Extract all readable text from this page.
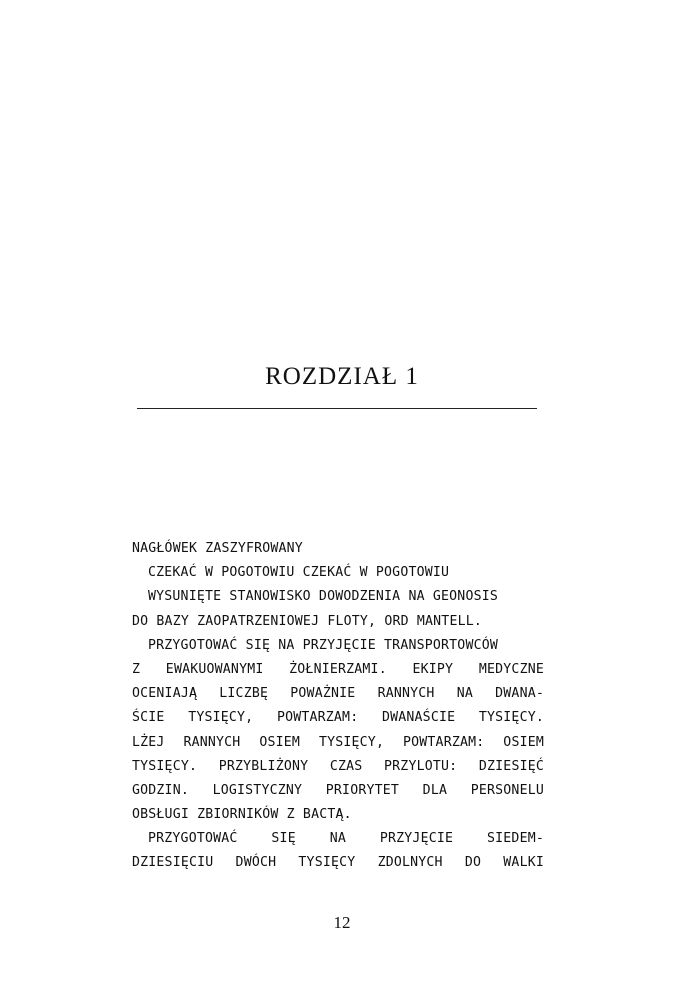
ROZDZIAŁ 1
NAGŁÓWEK ZASZYFROWANY
CZEKAĆ W POGOTOWIU CZEKAĆ W POGOTOWIU
WYSUNIĘTE STANOWISKO DOWODZENIA NA GEONOSIS
DO BAZY ZAOPATRZENIOWEJ FLOTY, ORD MANTELL.
PRZYGOTOWAĆ SIĘ NA PRZYJĘCIE TRANSPORTOWCÓW
Z EWAKUOWANYMI ŻOŁNIERZAMI. EKIPY MEDYCZNE
OCENIAJĄ LICZBĘ POWAŻNIE RANNYCH NA DWANA-
ŚCIE TYSIĘCY, POWTARZAM: DWANAŚCIE TYSIĘCY.
LŻEJ RANNYCH OSIEM TYSIĘCY, POWTARZAM: OSIEM
TYSIĘCY. PRZYBLIŻONY CZAS PRZYLOTU: DZIESIĘĆ
GODZIN. LOGISTYCZNY PRIORYTET DLA PERSONELU
OBSŁUGI ZBIORNIKÓW Z BACTĄ.
PRZYGOTOWAĆ SIĘ NA PRZYJĘCIE SIEDEM-
DZIESIĘCIU DWÓCH TYSIĘCY ZDOLNYCH DO WALKI
12
